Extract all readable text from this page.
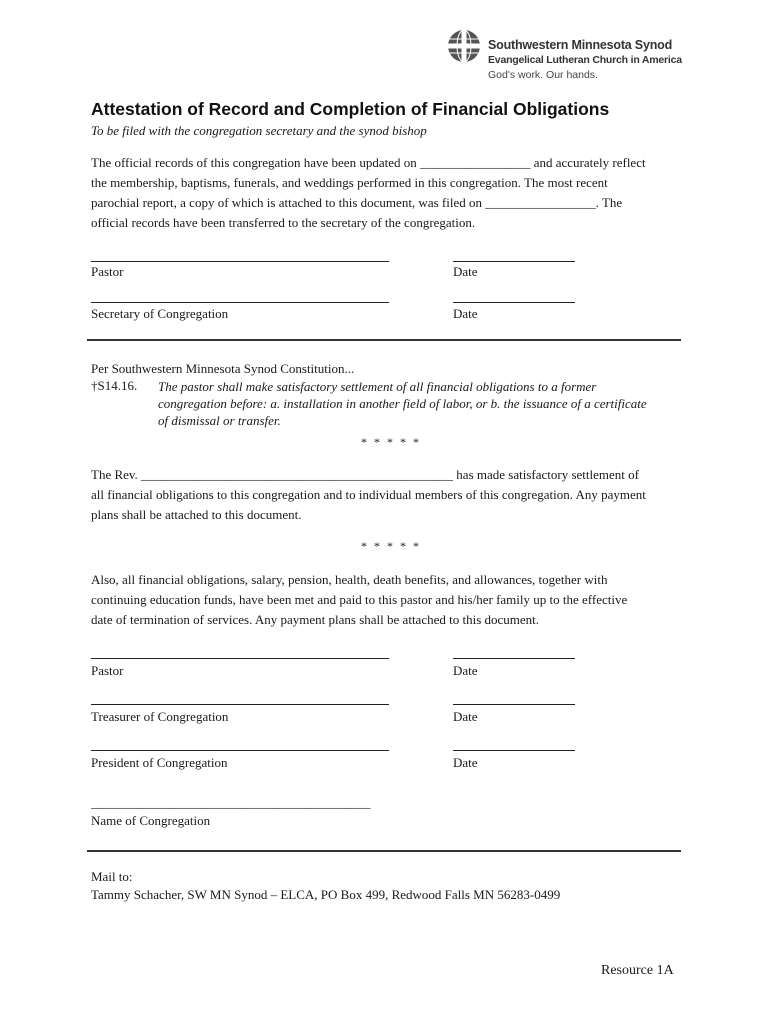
Southwestern Minnesota Synod
Evangelical Lutheran Church in America
God's work. Our hands.
Attestation of Record and Completion of Financial Obligations
To be filed with the congregation secretary and the synod bishop
The official records of this congregation have been updated on _________________ and accurately reflect
the membership, baptisms, funerals, and weddings performed in this congregation. The most recent
parochial report, a copy of which is attached to this document, was filed on _________________. The
official records have been transferred to the secretary of the congregation.
Pastor	Date
Secretary of Congregation	Date
Per Southwestern Minnesota Synod Constitution...
†S14.16. The pastor shall make satisfactory settlement of all financial obligations to a former
congregation before: a. installation in another field of labor, or b. the issuance of a certificate
of dismissal or transfer.
* * * * *
The Rev. ________________________________________________ has made satisfactory settlement of
all financial obligations to this congregation and to individual members of this congregation. Any payment
plans shall be attached to this document.
* * * * *
Also, all financial obligations, salary, pension, health, death benefits, and allowances, together with
continuing education funds, have been met and paid to this pastor and his/her family up to the effective
date of termination of services. Any payment plans shall be attached to this document.
Pastor	Date
Treasurer of Congregation	Date
President of Congregation	Date
___________________________________________
Name of Congregation
Mail to:
Tammy Schacher, SW MN Synod – ELCA, PO Box 499, Redwood Falls MN 56283-0499
Resource 1A
